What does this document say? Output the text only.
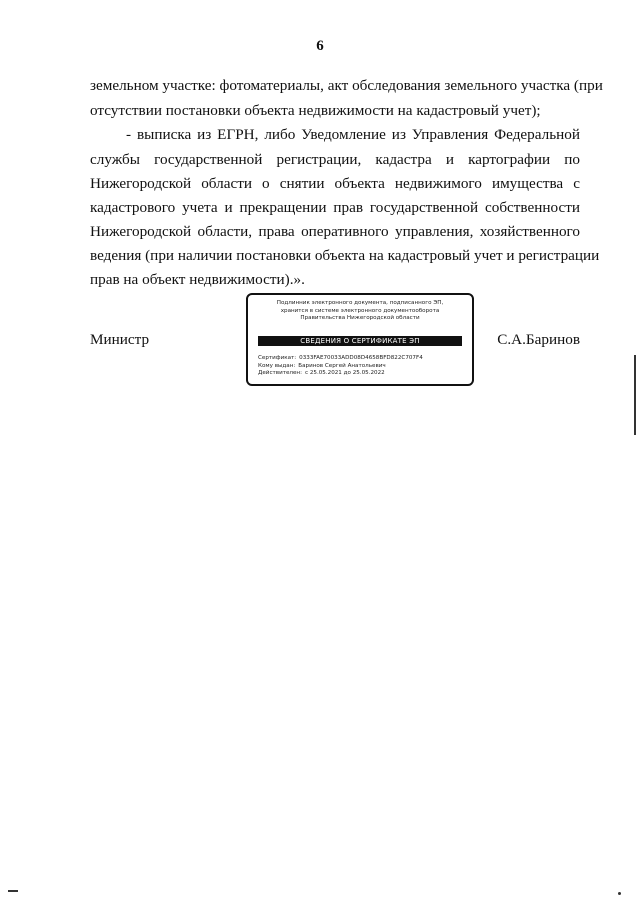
6
земельном участке: фотоматериалы, акт обследования земельного участка (при
отсутствии постановки объекта недвижимости на кадастровый учет);
- выписка из ЕГРН, либо Уведомление из Управления Федеральной
службы государственной регистрации, кадастра и картографии по
Нижегородской области о снятии объекта недвижимого имущества с
кадастрового учета и прекращении прав государственной собственности
Нижегородской области, права оперативного управления, хозяйственного
ведения (при наличии постановки объекта на кадастровый учет и регистрации
прав на объект недвижимости).».
Министр
Подлинник электронного документа, подписанного ЭП,
хранится в системе электронного документооборота
Правительства Нижегородской области
СВЕДЕНИЯ О СЕРТИФИКАТЕ ЭП
Сертификат: 0333FAE70033ADD08D4658BFD822C707F4
Кому выдан: Баринов Сергей Анатольевич
Действителен: с 25.05.2021 до 25.05.2022
С.А.Баринов
